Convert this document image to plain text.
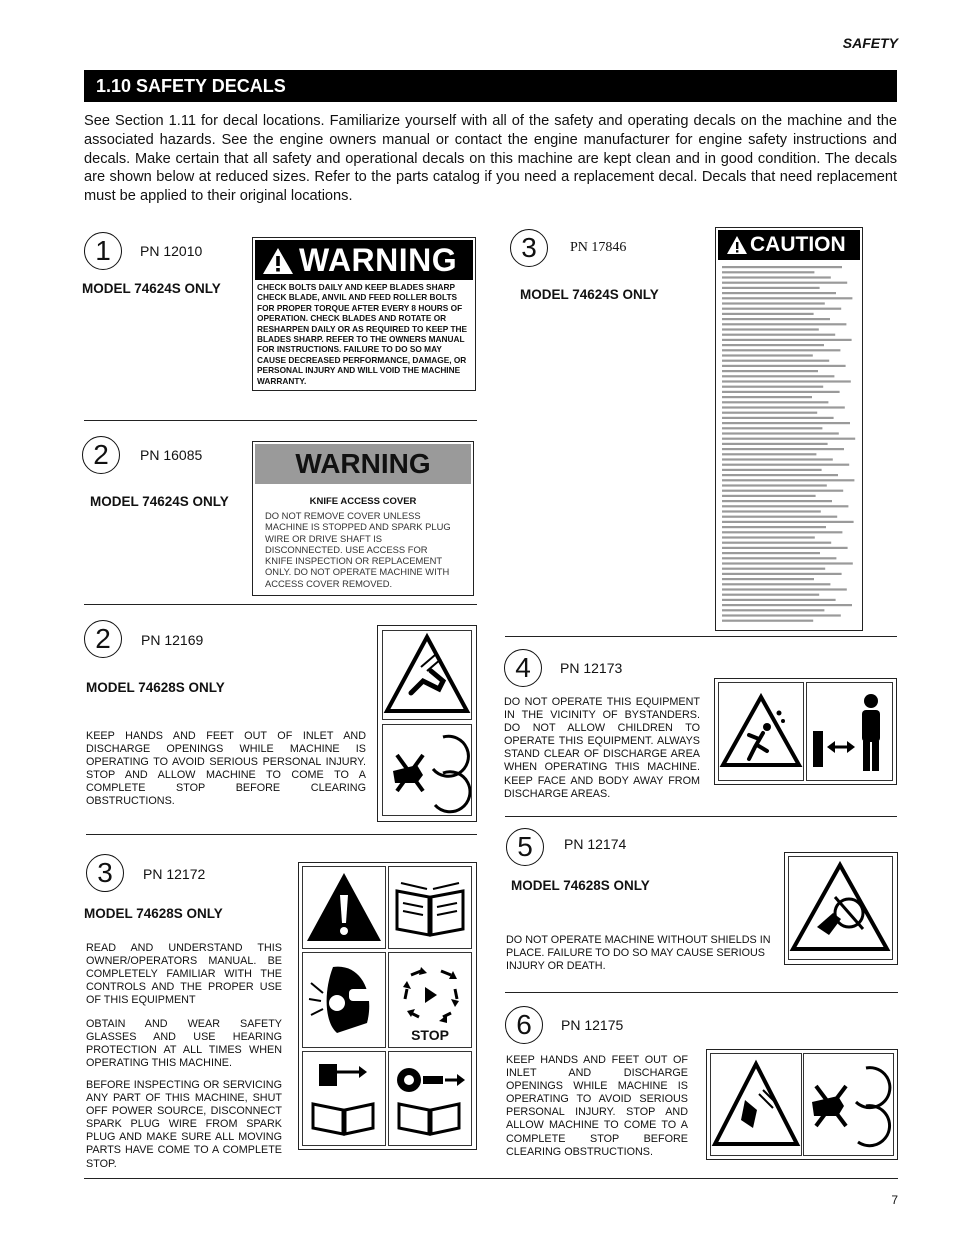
SAFETY
1.10 SAFETY DECALS
See Section 1.11 for decal locations. Familiarize yourself with all of the safety and operating decals on the machine and the associated hazards. See the engine owners manual or contact the engine manufacturer for engine safety instructions and decals. Make certain that all safety and operational decals on this machine are kept clean and in good condition. The decals are shown below at reduced sizes. Refer to the parts catalog if you need a replacement decal. Decals that need replacement must be applied to their original locations.
1	PN 12010
MODEL 74624S ONLY
WARNING
CHECK BOLTS DAILY AND KEEP BLADES SHARP CHECK BLADE, ANVIL AND FEED ROLLER BOLTS FOR PROPER TORQUE AFTER EVERY 8 HOURS OF OPERATION. CHECK BLADES AND ROTATE OR RESHARPEN DAILY OR AS REQUIRED TO KEEP THE BLADES SHARP. REFER TO THE OWNERS MANUAL FOR INSTRUCTIONS. FAILURE TO DO SO MAY CAUSE DECREASED PERFORMANCE, DAMAGE, OR PERSONAL INJURY AND WILL VOID THE MACHINE WARRANTY.
2	PN 16085
MODEL 74624S ONLY
WARNING
KNIFE ACCESS COVER
DO NOT REMOVE COVER UNLESS MACHINE IS STOPPED AND SPARK PLUG WIRE OR DRIVE SHAFT IS DISCONNECTED. USE ACCESS FOR KNIFE INSPECTION OR REPLACEMENT ONLY. DO NOT OPERATE MACHINE WITH ACCESS COVER REMOVED.
3	PN 17846
MODEL 74624S ONLY
CAUTION
2	PN 12169
MODEL 74628S ONLY
KEEP HANDS AND FEET OUT OF INLET AND DISCHARGE OPENINGS WHILE MACHINE IS OPERATING TO AVOID SERIOUS PERSONAL INJURY. STOP AND ALLOW MACHINE TO COME TO A COMPLETE STOP BEFORE CLEARING OBSTRUCTIONS.
4	PN 12173
DO NOT OPERATE THIS EQUIPMENT IN THE VICINITY OF BYSTANDERS. DO NOT ALLOW CHILDREN TO OPERATE THIS EQUIPMENT. ALWAYS STAND CLEAR OF DISCHARGE AREA WHEN OPERATING THIS MACHINE. KEEP FACE AND BODY AWAY FROM DISCHARGE AREAS.
3	PN 12172
MODEL 74628S ONLY
READ AND UNDERSTAND THIS OWNER/OPERATORS MANUAL. BE COMPLETELY FAMILIAR WITH THE CONTROLS AND THE PROPER USE OF THIS EQUIPMENT
OBTAIN AND WEAR SAFETY GLASSES AND USE HEARING PROTECTION AT ALL TIMES WHEN OPERATING THIS MACHINE.
BEFORE INSPECTING OR SERVICING ANY PART OF THIS MACHINE, SHUT OFF POWER SOURCE, DISCONNECT SPARK PLUG WIRE FROM SPARK PLUG AND MAKE SURE ALL MOVING PARTS HAVE COME TO A COMPLETE STOP.
STOP
5	PN 12174
MODEL 74628S ONLY
DO NOT OPERATE MACHINE WITHOUT SHIELDS IN PLACE. FAILURE TO DO SO MAY CAUSE SERIOUS INJURY OR DEATH.
6	PN 12175
KEEP HANDS AND FEET OUT OF INLET AND DISCHARGE OPENINGS WHILE MACHINE IS OPERATING TO AVOID SERIOUS PERSONAL INJURY. STOP AND ALLOW MACHINE TO COME TO A COMPLETE STOP BEFORE CLEARING OBSTRUCTIONS.
7
